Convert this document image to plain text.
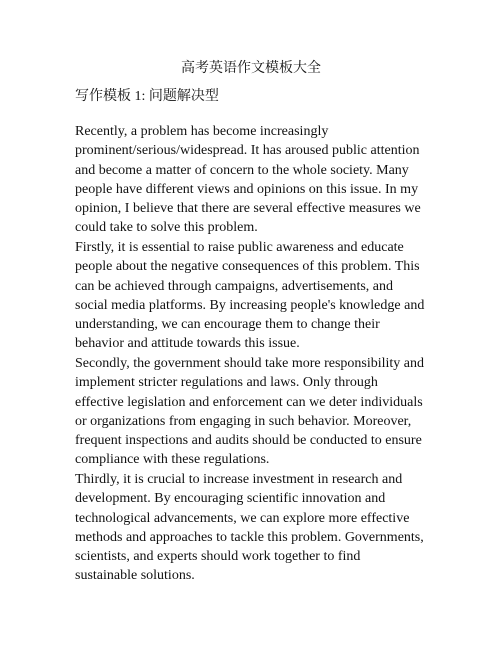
高考英语作文模板大全
写作模板 1: 问题解决型

Recently, a problem has become increasingly prominent/serious/widespread. It has aroused public attention and become a matter of concern to the whole society. Many people have different views and opinions on this issue. In my opinion, I believe that there are several effective measures we could take to solve this problem.

Firstly, it is essential to raise public awareness and educate people about the negative consequences of this problem. This can be achieved through campaigns, advertisements, and social media platforms. By increasing people's knowledge and understanding, we can encourage them to change their behavior and attitude towards this issue.

Secondly, the government should take more responsibility and implement stricter regulations and laws. Only through effective legislation and enforcement can we deter individuals or organizations from engaging in such behavior. Moreover, frequent inspections and audits should be conducted to ensure compliance with these regulations.

Thirdly, it is crucial to increase investment in research and development. By encouraging scientific innovation and technological advancements, we can explore more effective methods and approaches to tackle this problem. Governments, scientists, and experts should work together to find sustainable solutions.
